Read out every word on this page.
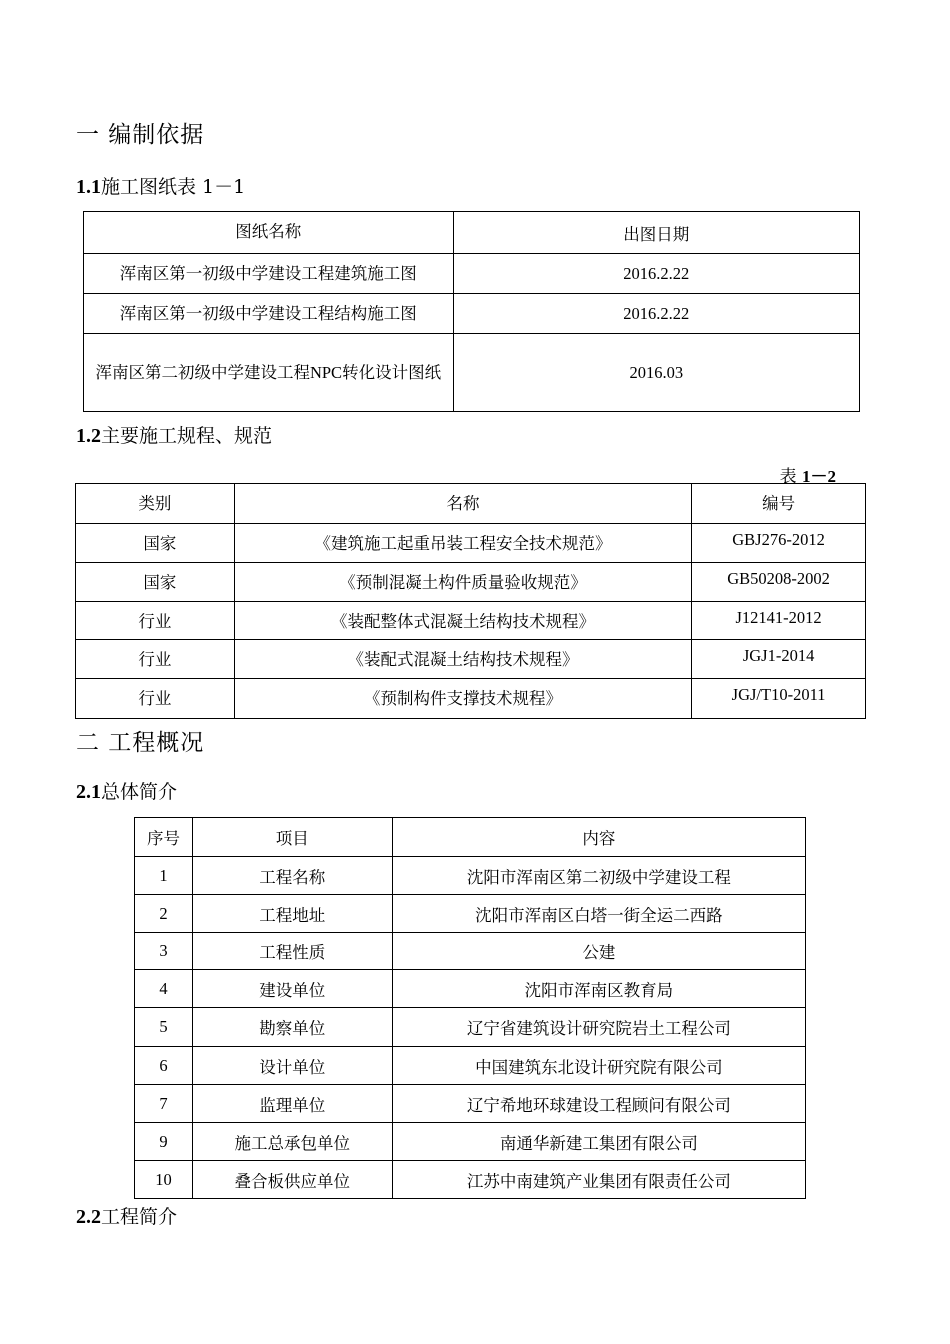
一 编制依据
1.1施工图纸表 1－1
图纸名称	出图日期
浑南区第一初级中学建设工程建筑施工图	2016.2.22
浑南区第一初级中学建设工程结构施工图	2016.2.22
浑南区第二初级中学建设工程NPC转化设计图纸	2016.03
1.2主要施工规程、规范
表 1－2
类别	名称	编号
国家	《建筑施工起重吊装工程安全技术规范》	GBJ276-2012
国家	《预制混凝土构件质量验收规范》	GB50208-2002
行业	《装配整体式混凝土结构技术规程》	J12141-2012
行业	《装配式混凝土结构技术规程》	JGJ1-2014
行业	《预制构件支撑技术规程》	JGJ/T10-2011
二 工程概况
2.1总体简介
序号	项目	内容
1	工程名称	沈阳市浑南区第二初级中学建设工程
2	工程地址	沈阳市浑南区白塔一街全运二西路
3	工程性质	公建
4	建设单位	沈阳市浑南区教育局
5	勘察单位	辽宁省建筑设计研究院岩土工程公司
6	设计单位	中国建筑东北设计研究院有限公司
7	监理单位	辽宁希地环球建设工程顾问有限公司
9	施工总承包单位	南通华新建工集团有限公司
10	叠合板供应单位	江苏中南建筑产业集团有限责任公司
2.2工程简介
